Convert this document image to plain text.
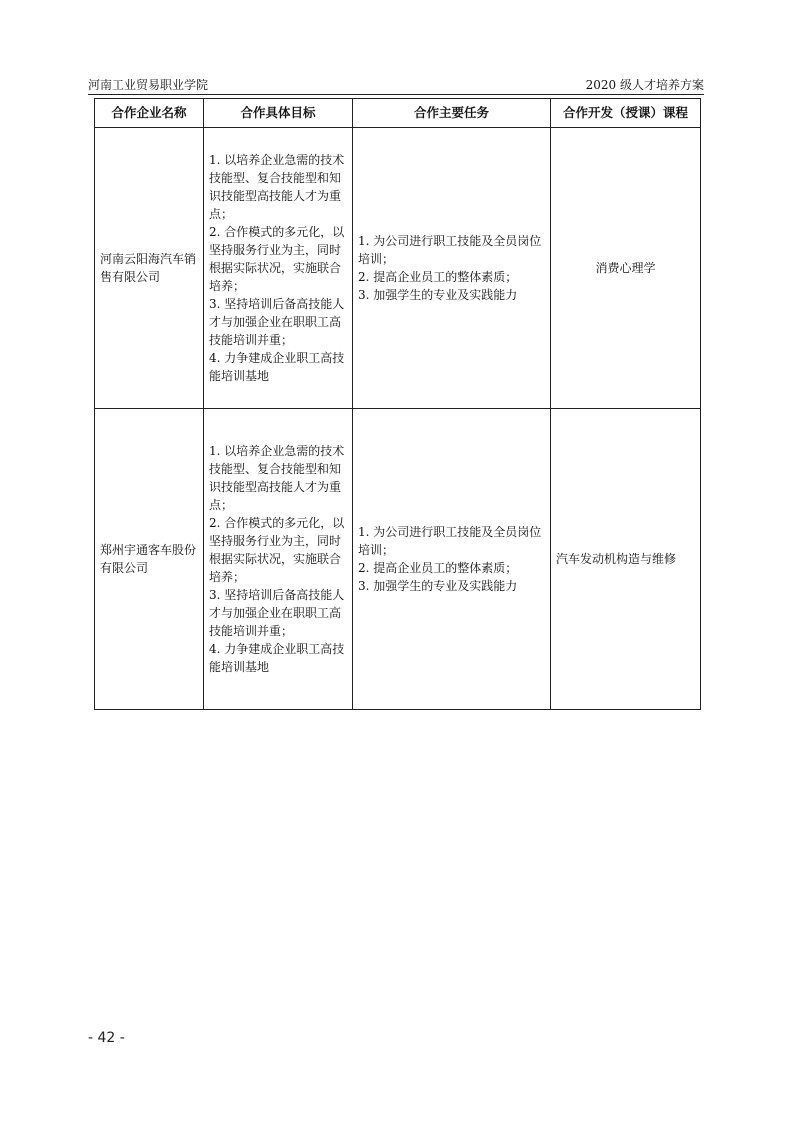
河南工业贸易职业学院	2020 级人才培养方案
合作企业名称	合作具体目标	合作主要任务	合作开发（授课）课程
河南云阳海汽车销售有限公司	1. 以培养企业急需的技术技能型、复合技能型和知识技能型高技能人才为重点；
2. 合作模式的多元化，以坚持服务行业为主，同时根据实际状况，实施联合培养；
3. 坚持培训后备高技能人才与加强企业在职职工高技能培训并重；
4. 力争建成企业职工高技能培训基地	1. 为公司进行职工技能及全员岗位培训；
2. 提高企业员工的整体素质；
3. 加强学生的专业及实践能力	消费心理学
郑州宇通客车股份有限公司	1. 以培养企业急需的技术技能型、复合技能型和知识技能型高技能人才为重点；
2. 合作模式的多元化，以坚持服务行业为主，同时根据实际状况，实施联合培养；
3. 坚持培训后备高技能人才与加强企业在职职工高技能培训并重；
4. 力争建成企业职工高技能培训基地	1. 为公司进行职工技能及全员岗位培训；
2. 提高企业员工的整体素质；
3. 加强学生的专业及实践能力	汽车发动机构造与维修
- 42 -
